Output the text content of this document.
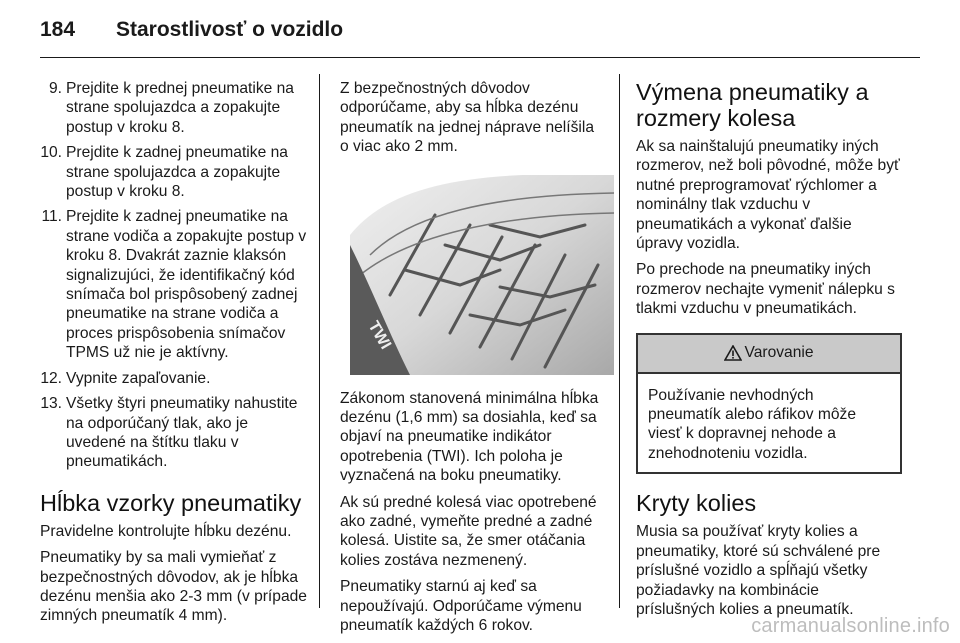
184 Starostlivosť o vozidlo
9. Prejdite k prednej pneumatike na strane spolujazdca a zopakujte postup v kroku 8.
10. Prejdite k zadnej pneumatike na strane spolujazdca a zopakujte postup v kroku 8.
11. Prejdite k zadnej pneumatike na strane vodiča a zopakujte postup v kroku 8. Dvakrát zaznie klaksón signalizujúci, že identifikačný kód snímača bol prispôsobený zadnej pneumatike na strane vodiča a proces prispôsobenia snímačov TPMS už nie je aktívny.
12. Vypnite zapaľovanie.
13. Všetky štyri pneumatiky nahustite na odporúčaný tlak, ako je uvedené na štítku tlaku v pneumatikách.
Hĺbka vzorky pneumatiky

Pravidelne kontrolujte hĺbku dezénu.

Pneumatiky by sa mali vymieňať z bezpečnostných dôvodov, ak je hĺbka dezénu menšia ako 2-3 mm (v prípade zimných pneumatík 4 mm).

Z bezpečnostných dôvodov odporúčame, aby sa hĺbka dezénu pneumatík na jednej náprave nelíšila o viac ako 2 mm.

TWI

Zákonom stanovená minimálna hĺbka dezénu (1,6 mm) sa dosiahla, keď sa objaví na pneumatike indikátor opotrebenia (TWI). Ich poloha je vyznačená na boku pneumatiky.

Ak sú predné kolesá viac opotrebené ako zadné, vymeňte predné a zadné kolesá. Uistite sa, že smer otáčania kolies zostáva nezmenený.

Pneumatiky starnú aj keď sa nepoužívajú. Odporúčame výmenu pneumatík každých 6 rokov.

Výmena pneumatiky a rozmery kolesa

Ak sa nainštalujú pneumatiky iných rozmerov, než boli pôvodné, môže byť nutné preprogramovať rýchlomer a nominálny tlak vzduchu v pneumatikách a vykonať ďalšie úpravy vozidla.

Po prechode na pneumatiky iných rozmerov nechajte vymeniť nálepku s tlakmi vzduchu v pneumatikách.

Varovanie
Používanie nevhodných pneumatík alebo ráfikov môže viesť k dopravnej nehode a znehodnoteniu vozidla.
Kryty kolies

Musia sa používať kryty kolies a pneumatiky, ktoré sú schválené pre príslušné vozidlo a spĺňajú všetky požiadavky na kombinácie príslušných kolies a pneumatík.

carmanualsonline.info
